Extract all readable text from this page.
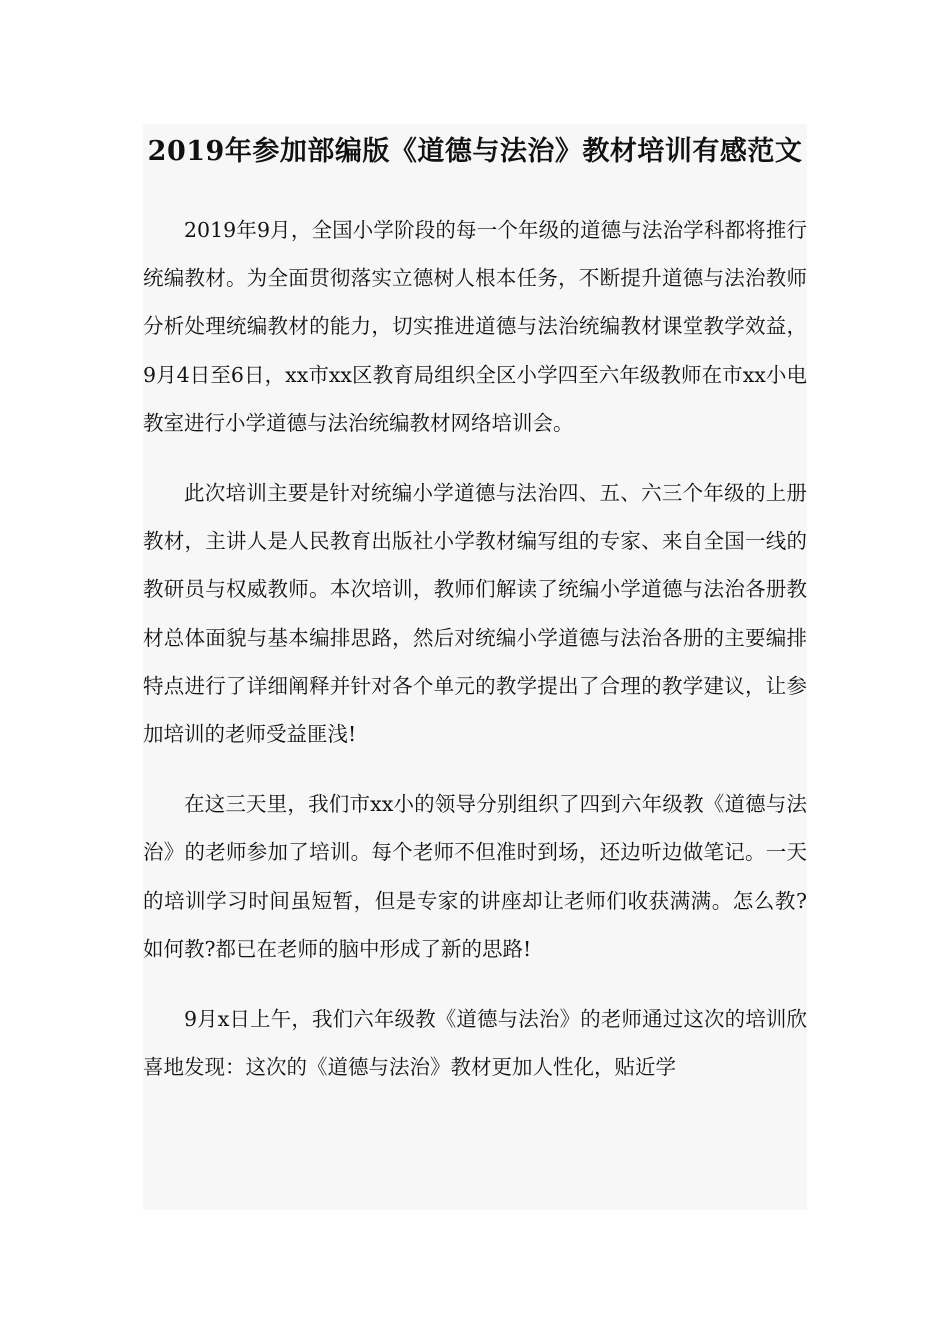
2019年参加部编版《道德与法治》教材培训有感范文

2019年9月，全国小学阶段的每一个年级的道德与法治学科都将推行统编教材。为全面贯彻落实立德树人根本任务，不断提升道德与法治教师分析处理统编教材的能力，切实推进道德与法治统编教材课堂教学效益，9月4日至6日，xx市xx区教育局组织全区小学四至六年级教师在市xx小电教室进行小学道德与法治统编教材网络培训会。

此次培训主要是针对统编小学道德与法治四、五、六三个年级的上册教材，主讲人是人民教育出版社小学教材编写组的专家、来自全国一线的教研员与权威教师。本次培训，教师们解读了统编小学道德与法治各册教材总体面貌与基本编排思路，然后对统编小学道德与法治各册的主要编排特点进行了详细阐释并针对各个单元的教学提出了合理的教学建议，让参加培训的老师受益匪浅!

在这三天里，我们市xx小的领导分别组织了四到六年级教《道德与法治》的老师参加了培训。每个老师不但准时到场，还边听边做笔记。一天的培训学习时间虽短暂，但是专家的讲座却让老师们收获满满。怎么教?如何教?都已在老师的脑中形成了新的思路!

9月x日上午，我们六年级教《道德与法治》的老师通过这次的培训欣喜地发现：这次的《道德与法治》教材更加人性化，贴近学
